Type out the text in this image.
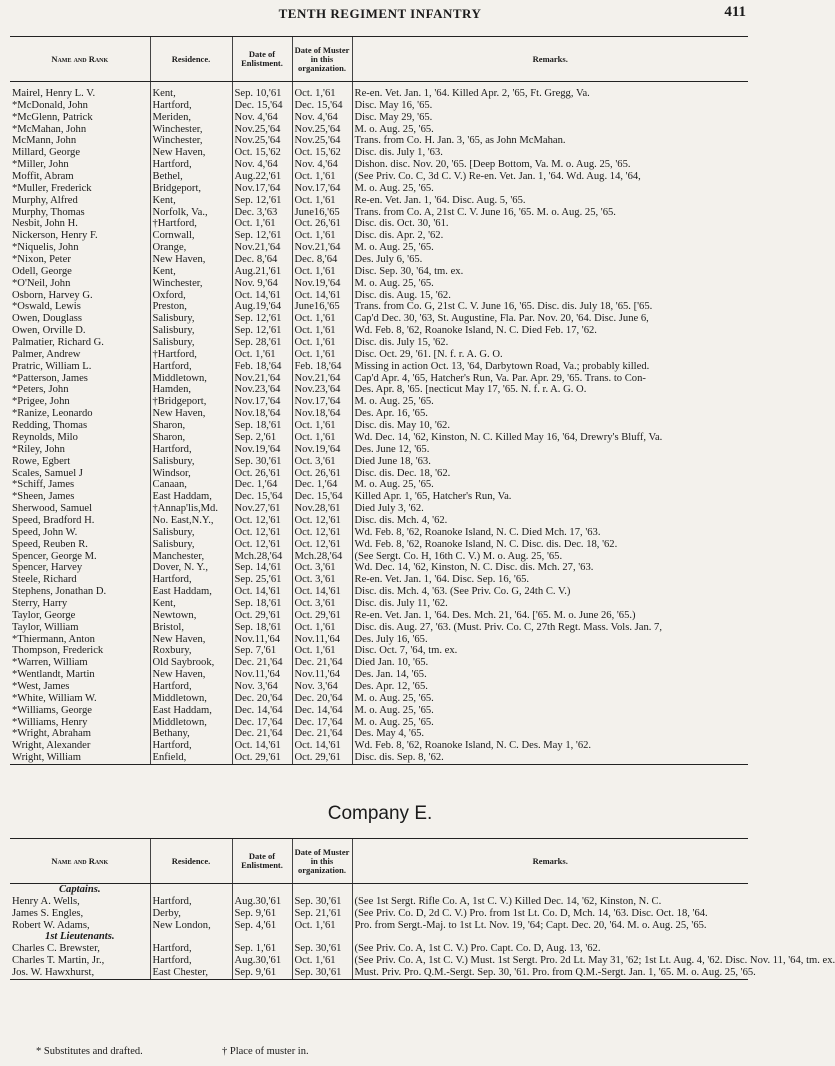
TENTH REGIMENT INFANTRY	411
Name and Rank	Residence.	Date of Enlistment.	Date of Muster in this organization.	Remarks.

Mairel, Henry L. V.	Kent,	Sep. 10,'61	Oct. 1,'61	Re-en. Vet. Jan. 1, '64. Killed Apr. 2, '65, Ft. Gregg, Va.
*McDonald, John	Hartford,	Dec. 15,'64	Dec. 15,'64	Disc. May 16, '65.
*McGlenn, Patrick	Meriden,	Nov. 4,'64	Nov. 4,'64	Disc. May 29, '65.
*McMahan, John	Winchester,	Nov.25,'64	Nov.25,'64	M. o. Aug. 25, '65.
McMann, John	Winchester,	Nov.25,'64	Nov.25,'64	Trans. from Co. H. Jan. 3, '65, as John McMahan.
Millard, George	New Haven,	Oct. 15,'62	Oct. 15,'62	Disc. dis. July 1, '63.
*Miller, John	Hartford,	Nov. 4,'64	Nov. 4,'64	Dishon. disc. Nov. 20, '65. [Deep Bottom, Va. M. o. Aug. 25, '65.
Moffit, Abram	Bethel,	Aug.22,'61	Oct. 1,'61	(See Priv. Co. C, 3d C. V.) Re-en. Vet. Jan. 1, '64. Wd. Aug. 14, '64,
*Muller, Frederick	Bridgeport,	Nov.17,'64	Nov.17,'64	M. o. Aug. 25, '65.
Murphy, Alfred	Kent,	Sep. 12,'61	Oct. 1,'61	Re-en. Vet. Jan. 1, '64. Disc. Aug. 5, '65.
Murphy, Thomas	Norfolk, Va.,	Dec. 3,'63	June16,'65	Trans. from Co. A, 21st C. V. June 16, '65. M. o. Aug. 25, '65.
Nesbit, John H.	†Hartford,	Oct. 1,'61	Oct. 26,'61	Disc. dis. Oct. 30, '61.
Nickerson, Henry F.	Cornwall,	Sep. 12,'61	Oct. 1,'61	Disc. dis. Apr. 2, '62.
*Niquelis, John	Orange,	Nov.21,'64	Nov.21,'64	M. o. Aug. 25, '65.
*Nixon, Peter	New Haven,	Dec. 8,'64	Dec. 8,'64	Des. July 6, '65.
Odell, George	Kent,	Aug.21,'61	Oct. 1,'61	Disc. Sep. 30, '64, tm. ex.
*O'Neil, John	Winchester,	Nov. 9,'64	Nov.19,'64	M. o. Aug. 25, '65.
Osborn, Harvey G.	Oxford,	Oct. 14,'61	Oct. 14,'61	Disc. dis. Aug. 15, '62.
*Oswald, Lewis	Preston,	Aug.19,'64	June16,'65	Trans. from Co. G, 21st C. V. June 16, '65. Disc. dis. July 18, '65. ['65.
Owen, Douglass	Salisbury,	Sep. 12,'61	Oct. 1,'61	Cap'd Dec. 30, '63, St. Augustine, Fla. Par. Nov. 20, '64. Disc. June 6,
Owen, Orville D.	Salisbury,	Sep. 12,'61	Oct. 1,'61	Wd. Feb. 8, '62, Roanoke Island, N. C. Died Feb. 17, '62.
Palmatier, Richard G.	Salisbury,	Sep. 28,'61	Oct. 1,'61	Disc. dis. July 15, '62.
Palmer, Andrew	†Hartford,	Oct. 1,'61	Oct. 1,'61	Disc. Oct. 29, '61. [N. f. r. A. G. O.
Pratric, William L.	Hartford,	Feb. 18,'64	Feb. 18,'64	Missing in action Oct. 13, '64, Darbytown Road, Va.; probably killed.
*Patterson, James	Middletown,	Nov.21,'64	Nov.21,'64	Cap'd Apr. 4, '65, Hatcher's Run, Va. Par. Apr. 29, '65. Trans. to Con-
*Peters, John	Hamden,	Nov.23,'64	Nov.23,'64	Des. Apr. 8, '65. [necticut May 17, '65. N. f. r. A. G. O.
*Prigee, John	†Bridgeport,	Nov.17,'64	Nov.17,'64	M. o. Aug. 25, '65.
*Ranize, Leonardo	New Haven,	Nov.18,'64	Nov.18,'64	Des. Apr. 16, '65.
Redding, Thomas	Sharon,	Sep. 18,'61	Oct. 1,'61	Disc. dis. May 10, '62.
Reynolds, Milo	Sharon,	Sep. 2,'61	Oct. 1,'61	Wd. Dec. 14, '62, Kinston, N. C. Killed May 16, '64, Drewry's Bluff, Va.
*Riley, John	Hartford,	Nov.19,'64	Nov.19,'64	Des. June 12, '65.
Rowe, Egbert	Salisbury,	Sep. 30,'61	Oct. 3,'61	Died June 18, '63.
Scales, Samuel J	Windsor,	Oct. 26,'61	Oct. 26,'61	Disc. dis. Dec. 18, '62.
*Schiff, James	Canaan,	Dec. 1,'64	Dec. 1,'64	M. o. Aug. 25, '65.
*Sheen, James	East Haddam,	Dec. 15,'64	Dec. 15,'64	Killed Apr. 1, '65, Hatcher's Run, Va.
Sherwood, Samuel	†Annap'lis,Md.	Nov.27,'61	Nov.28,'61	Died July 3, '62.
Speed, Bradford H.	No. East,N.Y.,	Oct. 12,'61	Oct. 12,'61	Disc. dis. Mch. 4, '62.
Speed, John W.	Salisbury,	Oct. 12,'61	Oct. 12,'61	Wd. Feb. 8, '62, Roanoke Island, N. C. Died Mch. 17, '63.
Speed, Reuben R.	Salisbury,	Oct. 12,'61	Oct. 12,'61	Wd. Feb. 8, '62, Roanoke Island, N. C. Disc. dis. Dec. 18, '62.
Spencer, George M.	Manchester,	Mch.28,'64	Mch.28,'64	(See Sergt. Co. H, 16th C. V.) M. o. Aug. 25, '65.
Spencer, Harvey	Dover, N. Y.,	Sep. 14,'61	Oct. 3,'61	Wd. Dec. 14, '62, Kinston, N. C. Disc. dis. Mch. 27, '63.
Steele, Richard	Hartford,	Sep. 25,'61	Oct. 3,'61	Re-en. Vet. Jan. 1, '64. Disc. Sep. 16, '65.
Stephens, Jonathan D.	East Haddam,	Oct. 14,'61	Oct. 14,'61	Disc. dis. Mch. 4, '63. (See Priv. Co. G, 24th C. V.)
Sterry, Harry	Kent,	Sep. 18,'61	Oct. 3,'61	Disc. dis. July 11, '62.
Taylor, George	Newtown,	Oct. 29,'61	Oct. 29,'61	Re-en. Vet. Jan. 1, '64. Des. Mch. 21, '64. ['65. M. o. June 26, '65.)
Taylor, William	Bristol,	Sep. 18,'61	Oct. 1,'61	Disc. dis. Aug. 27, '63. (Must. Priv. Co. C, 27th Regt. Mass. Vols. Jan. 7,
*Thiermann, Anton	New Haven,	Nov.11,'64	Nov.11,'64	Des. July 16, '65.
Thompson, Frederick	Roxbury,	Sep. 7,'61	Oct. 1,'61	Disc. Oct. 7, '64, tm. ex.
*Warren, William	Old Saybrook,	Dec. 21,'64	Dec. 21,'64	Died Jan. 10, '65.
*Wentlandt, Martin	New Haven,	Nov.11,'64	Nov.11,'64	Des. Jan. 14, '65.
*West, James	Hartford,	Nov. 3,'64	Nov. 3,'64	Des. Apr. 12, '65.
*White, William W.	Middletown,	Dec. 20,'64	Dec. 20,'64	M. o. Aug. 25, '65.
*Williams, George	East Haddam,	Dec. 14,'64	Dec. 14,'64	M. o. Aug. 25, '65.
*Williams, Henry	Middletown,	Dec. 17,'64	Dec. 17,'64	M. o. Aug. 25, '65.
*Wright, Abraham	Bethany,	Dec. 21,'64	Dec. 21,'64	Des. May 4, '65.
Wright, Alexander	Hartford,	Oct. 14,'61	Oct. 14,'61	Wd. Feb. 8, '62, Roanoke Island, N. C. Des. May 1, '62.
Wright, William	Enfield,	Oct. 29,'61	Oct. 29,'61	Disc. dis. Sep. 8, '62.
Company E.
Name and Rank	Residence.	Date of Enlistment.	Date of Muster in this organization.	Remarks.
Captains.				
Henry A. Wells,	Hartford,	Aug.30,'61	Sep. 30,'61	(See 1st Sergt. Rifle Co. A, 1st C. V.) Killed Dec. 14, '62, Kinston, N. C.
James S. Engles,	Derby,	Sep. 9,'61	Sep. 21,'61	(See Priv. Co. D, 2d C. V.) Pro. from 1st Lt. Co. D, Mch. 14, '63. Disc. Oct. 18, '64.
Robert W. Adams,	New London,	Sep. 4,'61	Oct. 1,'61	Pro. from Sergt.-Maj. to 1st Lt. Nov. 19, '64; Capt. Dec. 20, '64. M. o. Aug. 25, '65.
1st Lieutenants.				
Charles C. Brewster,	Hartford,	Sep. 1,'61	Sep. 30,'61	(See Priv. Co. A, 1st C. V.) Pro. Capt. Co. D, Aug. 13, '62.
Charles T. Martin, Jr.,	Hartford,	Aug.30,'61	Oct. 1,'61	(See Priv. Co. A, 1st C. V.) Must. 1st Sergt. Pro. 2d Lt. May 31, '62; 1st Lt. Aug. 4, '62. Disc. Nov. 11, '64, tm. ex.
Jos. W. Hawxhurst,	East Chester,	Sep. 9,'61	Sep. 30,'61	Must. Priv. Pro. Q.M.-Sergt. Sep. 30, '61. Pro. from Q.M.-Sergt. Jan. 1, '65. M. o. Aug. 25, '65.
* Substitutes and drafted.	† Place of muster in.
